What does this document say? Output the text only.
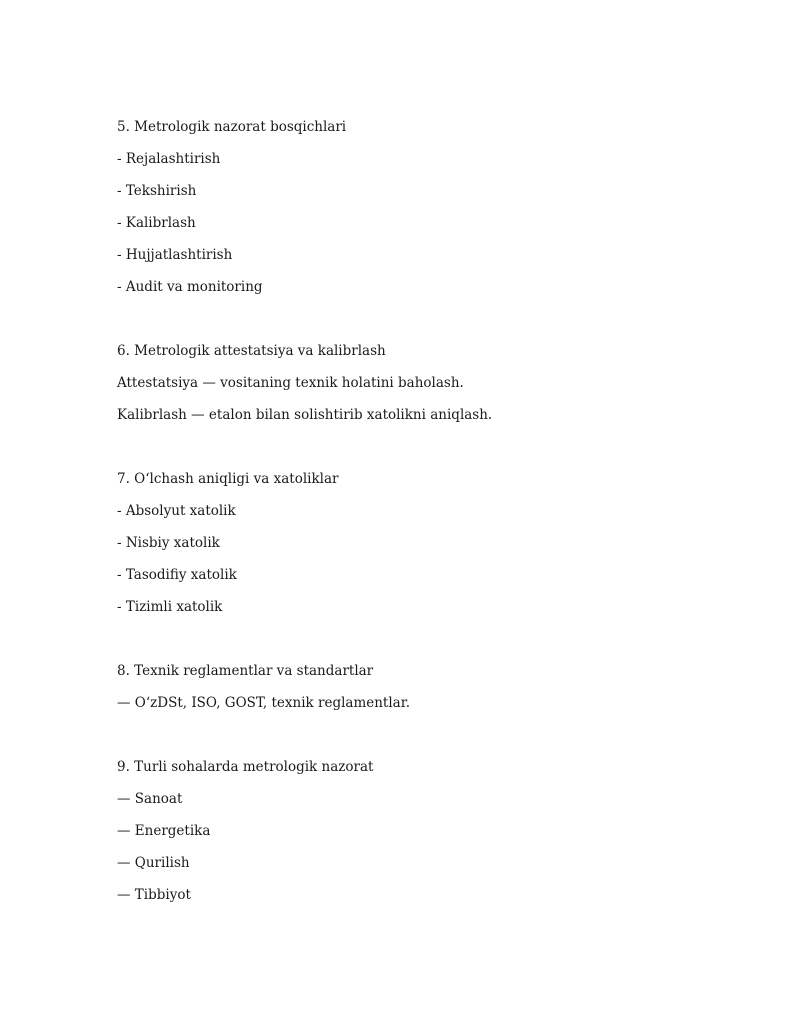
5. Metrologik nazorat bosqichlari
- Rejalashtirish
- Tekshirish
- Kalibrlash
- Hujjatlashtirish
- Audit va monitoring
6. Metrologik attestatsiya va kalibrlash
Attestatsiya — vositaning texnik holatini baholash.
Kalibrlash — etalon bilan solishtirib xatolikni aniqlash.
7. O‘lchash aniqligi va xatoliklar
- Absolyut xatolik
- Nisbiy xatolik
- Tasodifiy xatolik
- Tizimli xatolik
8. Texnik reglamentlar va standartlar
— O‘zDSt, ISO, GOST, texnik reglamentlar.
9. Turli sohalarda metrologik nazorat
— Sanoat
— Energetika
— Qurilish
— Tibbiyot
